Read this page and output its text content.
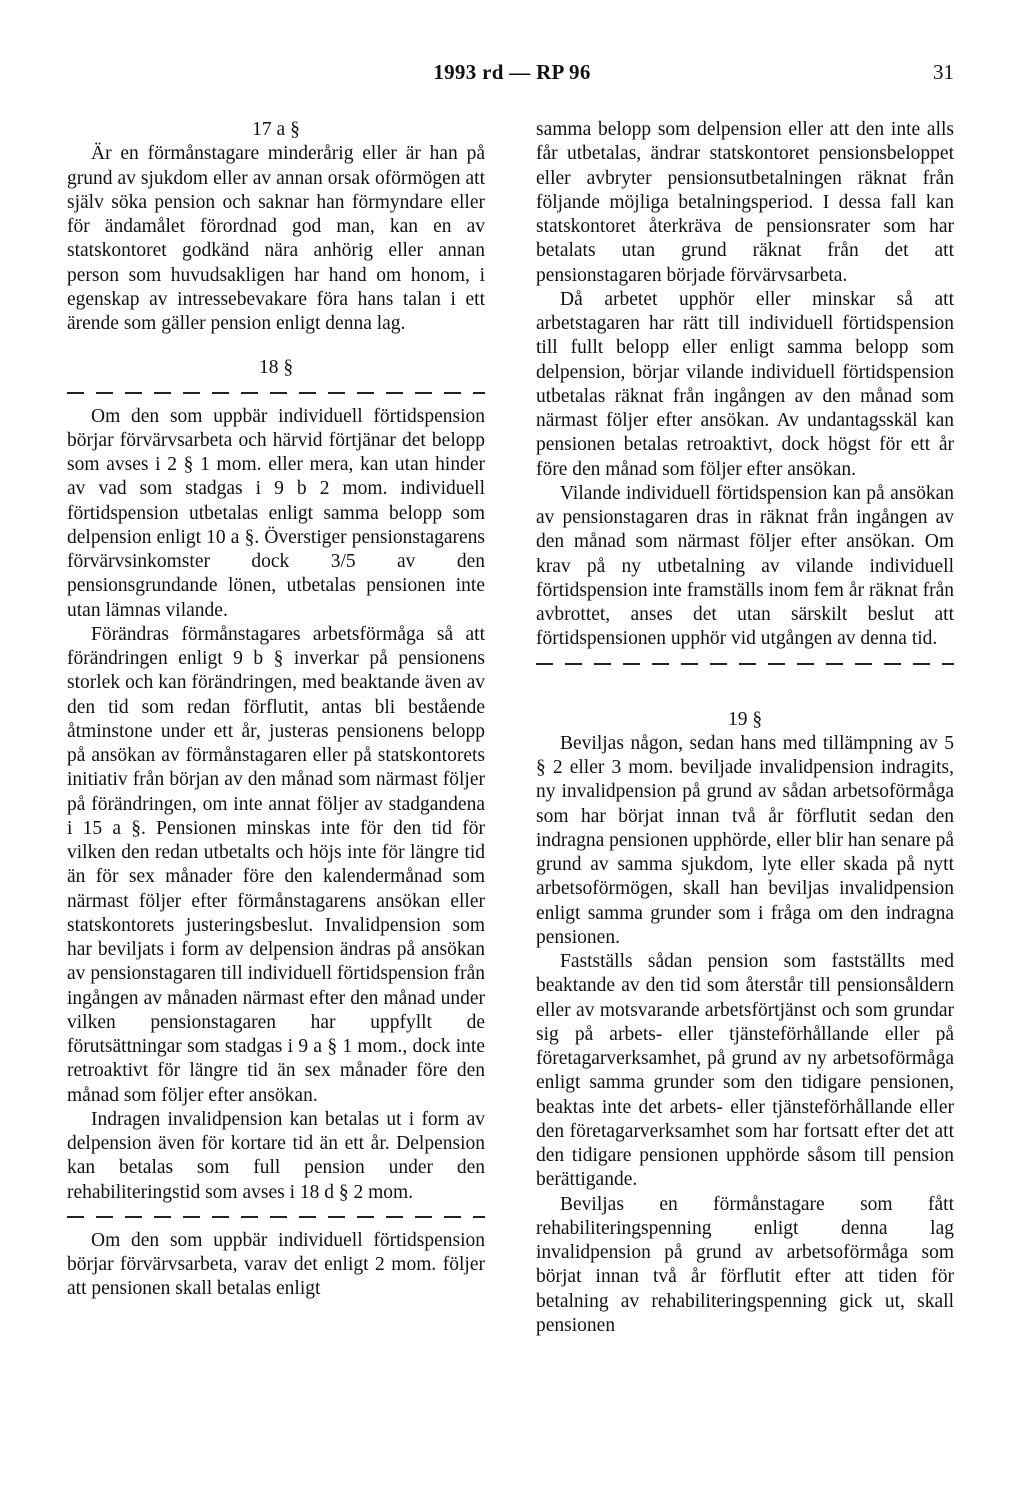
1993 rd — RP 96	31

17 a §

Är en förmånstagare minderårig eller är han på grund av sjukdom eller av annan orsak oförmögen att själv söka pension och saknar han förmyndare eller för ändamålet förordnad god man, kan en av statskontoret godkänd nära anhörig eller annan person som huvudsakligen har hand om honom, i egenskap av intressebevakare föra hans talan i ett ärende som gäller pension enligt denna lag.

18 §

Om den som uppbär individuell förtidspension börjar förvärvsarbeta och härvid förtjänar det belopp som avses i 2 § 1 mom. eller mera, kan utan hinder av vad som stadgas i 9 b 2 mom. individuell förtidspension utbetalas enligt samma belopp som delpension enligt 10 a §. Överstiger pensionstagarens förvärvsinkomster dock 3/5 av den pensionsgrundande lönen, utbetalas pensionen inte utan lämnas vilande.

Förändras förmånstagares arbetsförmåga så att förändringen enligt 9 b § inverkar på pensionens storlek och kan förändringen, med beaktande även av den tid som redan förflutit, antas bli bestående åtminstone under ett år, justeras pensionens belopp på ansökan av förmånstagaren eller på statskontorets initiativ från början av den månad som närmast följer på förändringen, om inte annat följer av stadgandena i 15 a §. Pensionen minskas inte för den tid för vilken den redan utbetalts och höjs inte för längre tid än för sex månader före den kalendermånad som närmast följer efter förmånstagarens ansökan eller statskontorets justeringsbeslut. Invalidpension som har beviljats i form av delpension ändras på ansökan av pensionstagaren till individuell förtidspension från ingången av månaden närmast efter den månad under vilken pensionstagaren har uppfyllt de förutsättningar som stadgas i 9 a § 1 mom., dock inte retroaktivt för längre tid än sex månader före den månad som följer efter ansökan.

Indragen invalidpension kan betalas ut i form av delpension även för kortare tid än ett år. Delpension kan betalas som full pension under den rehabiliteringstid som avses i 18 d § 2 mom.

Om den som uppbär individuell förtidspension börjar förvärvsarbeta, varav det enligt 2 mom. följer att pensionen skall betalas enligt

samma belopp som delpension eller att den inte alls får utbetalas, ändrar statskontoret pensionsbeloppet eller avbryter pensionsutbetalningen räknat från följande möjliga betalningsperiod. I dessa fall kan statskontoret återkräva de pensionsrater som har betalats utan grund räknat från det att pensionstagaren började förvärvsarbeta.

Då arbetet upphör eller minskar så att arbetstagaren har rätt till individuell förtidspension till fullt belopp eller enligt samma belopp som delpension, börjar vilande individuell förtidspension utbetalas räknat från ingången av den månad som närmast följer efter ansökan. Av undantagsskäl kan pensionen betalas retroaktivt, dock högst för ett år före den månad som följer efter ansökan.

Vilande individuell förtidspension kan på ansökan av pensionstagaren dras in räknat från ingången av den månad som närmast följer efter ansökan. Om krav på ny utbetalning av vilande individuell förtidspension inte framställs inom fem år räknat från avbrottet, anses det utan särskilt beslut att förtidspensionen upphör vid utgången av denna tid.

19 §

Beviljas någon, sedan hans med tillämpning av 5 § 2 eller 3 mom. beviljade invalidpension indragits, ny invalidpension på grund av sådan arbetsoförmåga som har börjat innan två år förflutit sedan den indragna pensionen upphörde, eller blir han senare på grund av samma sjukdom, lyte eller skada på nytt arbetsoförmögen, skall han beviljas invalidpension enligt samma grunder som i fråga om den indragna pensionen.

Fastställs sådan pension som fastställts med beaktande av den tid som återstår till pensionsåldern eller av motsvarande arbetsförtjänst och som grundar sig på arbets- eller tjänsteförhållande eller på företagarverksamhet, på grund av ny arbetsoförmåga enligt samma grunder som den tidigare pensionen, beaktas inte det arbets- eller tjänsteförhållande eller den företagarverksamhet som har fortsatt efter det att den tidigare pensionen upphörde såsom till pension berättigande.

Beviljas en förmånstagare som fått rehabiliteringspenning enligt denna lag invalidpension på grund av arbetsoförmåga som börjat innan två år förflutit efter att tiden för betalning av rehabiliteringspenning gick ut, skall pensionen
